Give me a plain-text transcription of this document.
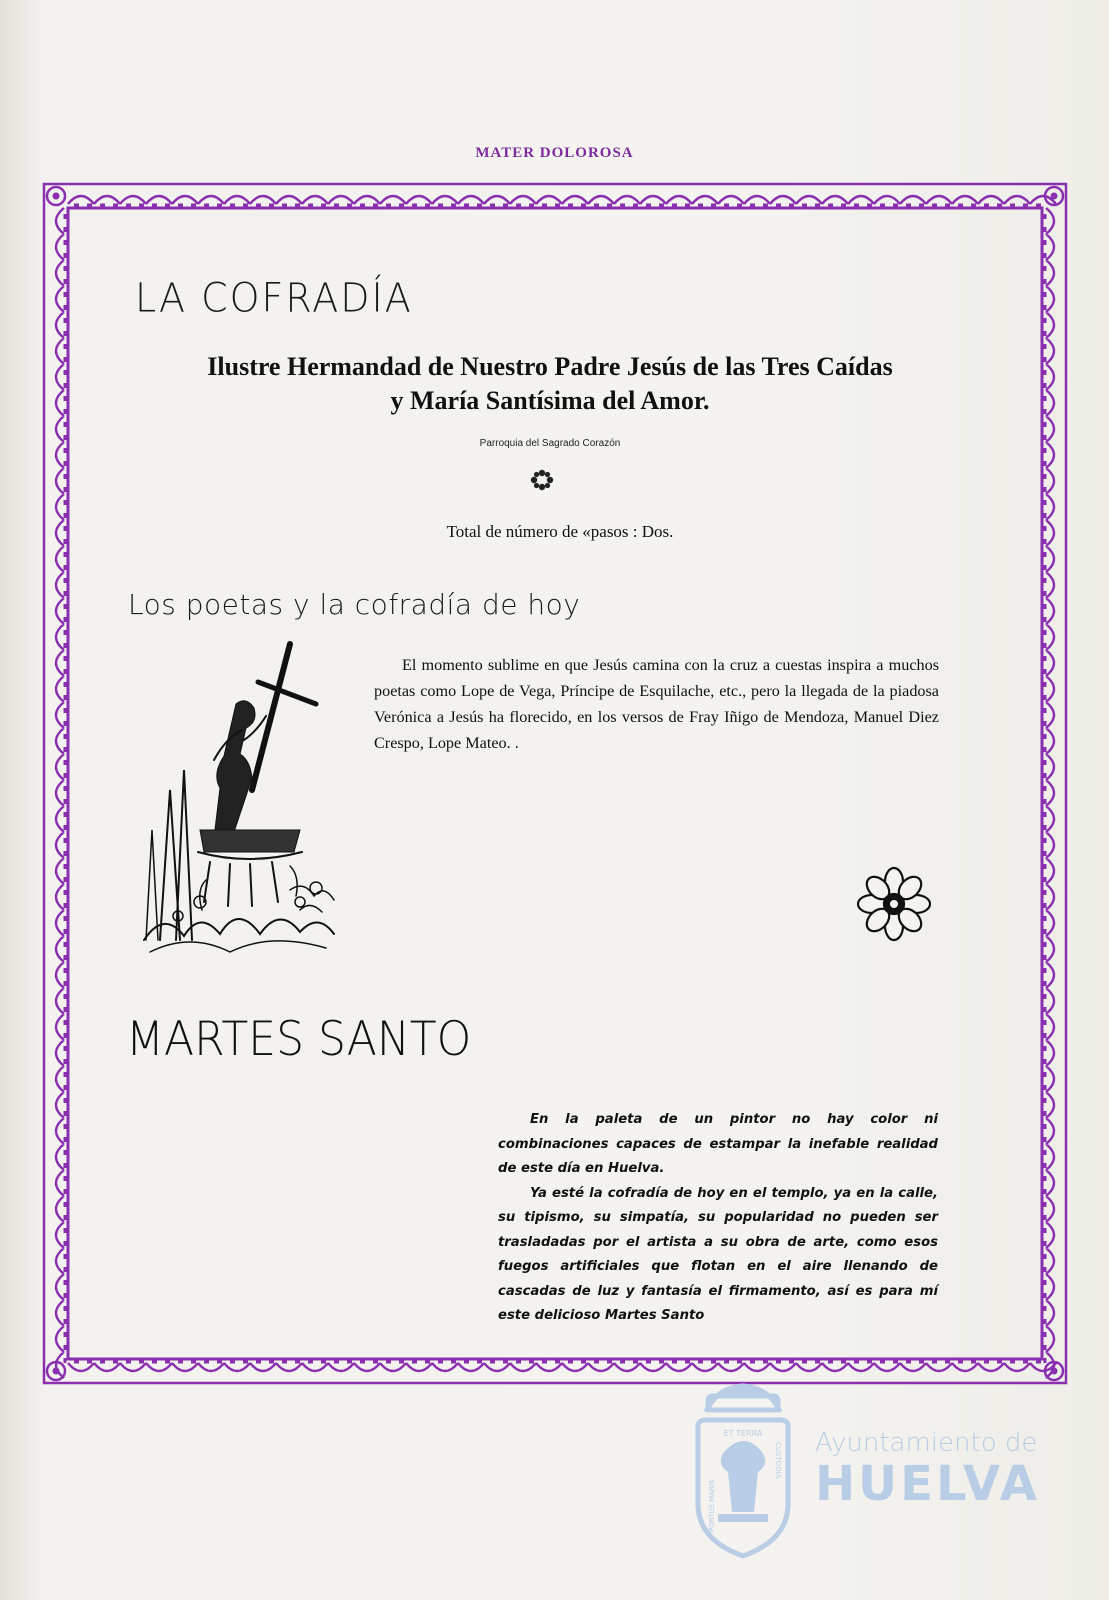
MATER DOLOROSA
LA COFRADÍA
Ilustre Hermandad de Nuestro Padre Jesús de las Tres Caídas
y María Santísima del Amor.
Parroquia del Sagrado Corazón
Total de número de «pasos : Dos.
Los poetas y la cofradía de hoy
El momento sublime en que Jesús camina con la cruz a cuestas inspira a muchos poetas como Lope de Vega, Príncipe de Esquilache, etc., pero la llegada de la piadosa Verónica a Jesús ha florecido, en los versos de Fray Iñigo de Mendoza, Manuel Diez Crespo, Lope Mateo. .
MARTES SANTO

En la paleta de un pintor no hay color ni combinaciones capaces de estampar la inefable realidad de este día en Huelva.

Ya esté la cofradía de hoy en el templo, ya en la calle, su tipismo, su simpatía, su popularidad no pueden ser trasladadas por el artista a su obra de arte, como esos fuegos artificiales que flotan en el aire llenando de cascadas de luz y fantasía el firmamento, así es para mí este delicioso Martes Santo

ET TERRA
PORTUS MARIS
CUSTODIA Ayuntamiento de
HUELVA
